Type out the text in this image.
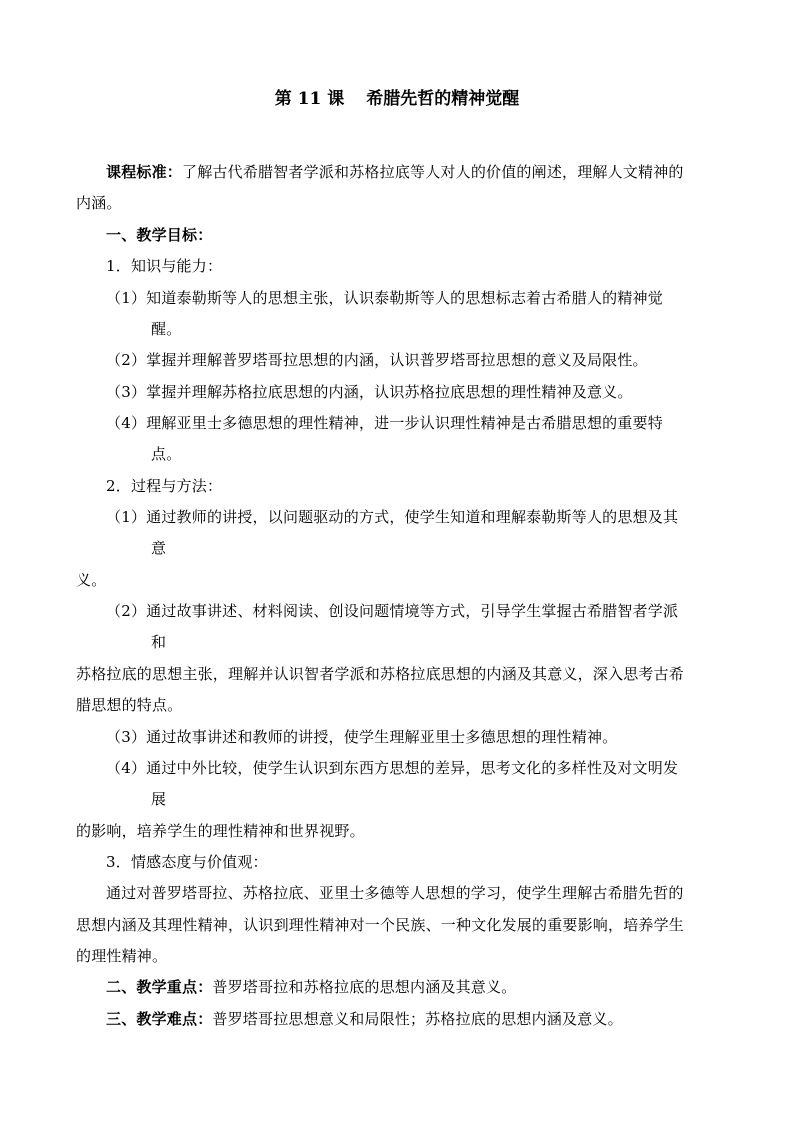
第 11 课 希腊先哲的精神觉醒
课程标准：了解古代希腊智者学派和苏格拉底等人对人的价值的阐述，理解人文精神的
内涵。
一、教学目标：
1．知识与能力：
（1）知道泰勒斯等人的思想主张，认识泰勒斯等人的思想标志着古希腊人的精神觉
醒。
（2）掌握并理解普罗塔哥拉思想的内涵，认识普罗塔哥拉思想的意义及局限性。
（3）掌握并理解苏格拉底思想的内涵，认识苏格拉底思想的理性精神及意义。
（4）理解亚里士多德思想的理性精神，进一步认识理性精神是古希腊思想的重要特
点。
2．过程与方法：
（1）通过教师的讲授，以问题驱动的方式，使学生知道和理解泰勒斯等人的思想及其
意
义。
（2）通过故事讲述、材料阅读、创设问题情境等方式，引导学生掌握古希腊智者学派
和
苏格拉底的思想主张，理解并认识智者学派和苏格拉底思想的内涵及其意义，深入思考古希
腊思想的特点。
（3）通过故事讲述和教师的讲授，使学生理解亚里士多德思想的理性精神。
（4）通过中外比较，使学生认识到东西方思想的差异，思考文化的多样性及对文明发
展
的影响，培养学生的理性精神和世界视野。
3．情感态度与价值观：
通过对普罗塔哥拉、苏格拉底、亚里士多德等人思想的学习，使学生理解古希腊先哲的
思想内涵及其理性精神，认识到理性精神对一个民族、一种文化发展的重要影响，培养学生
的理性精神。
二、教学重点：普罗塔哥拉和苏格拉底的思想内涵及其意义。
三、教学难点：普罗塔哥拉思想意义和局限性；苏格拉底的思想内涵及意义。
